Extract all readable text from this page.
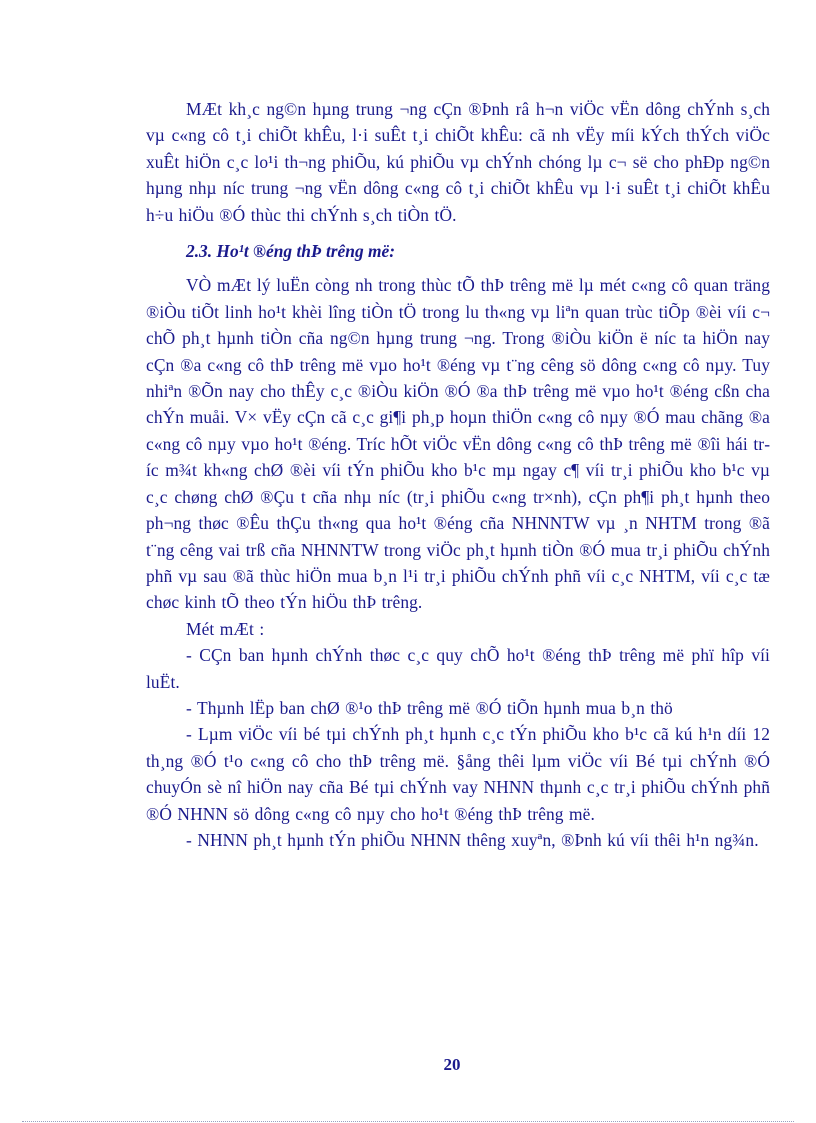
MÆt kh¸c ng©n hµng trung ¬ng cÇn ®Þnh râ h¬n viÖc vËn dông chÝnh s¸ch vµ c«ng cô t¸i chiÕt khÊu, l·i suÊt t¸i chiÕt khÊu: cã nh vËy míi kÝch thÝch viÖc xuÊt hiÖn c¸c lo¹i th¬ng phiÕu, kú phiÕu vµ chÝnh chóng lµ c¬ së cho phÐp ng©n hµng nhµ níc trung ¬ng vËn dông c«ng cô t¸i chiÕt khÊu vµ l·i suÊt t¸i chiÕt khÊu h÷u hiÖu ®Ó thùc thi chÝnh s¸ch tiÒn tÖ.

2.3. Ho¹t ®éng thÞ trêng më:

VÒ mÆt lý luËn còng nh trong thùc tÕ thÞ trêng më lµ mét c«ng cô quan träng ®iÒu tiÕt linh ho¹t khèi lîng tiÒn tÖ trong lu th«ng vµ liªn quan trùc tiÕp ®èi víi c¬ chÕ ph¸t hµnh tiÒn cña ng©n hµng trung ¬ng. Trong ®iÒu kiÖn ë níc ta hiÖn nay cÇn ®a c«ng cô thÞ trêng më vµo ho¹t ®éng vµ t¨ng cêng sö dông c«ng cô nµy. Tuy nhiªn ®Õn nay cho thÊy c¸c ®iÒu kiÖn ®Ó ®a thÞ trêng më vµo ho¹t ®éng cßn cha chÝn muåi. V× vËy cÇn cã c¸c gi¶i ph¸p hoµn thiÖn c«ng cô nµy ®Ó mau chãng ®a c«ng cô nµy vµo ho¹t ®éng. Tríc hÕt viÖc vËn dông c«ng cô thÞ trêng më ®îi hái tríc m¾t kh«ng chØ ®èi víi tÝn phiÕu kho b¹c mµ ngay c¶ víi tr¸i phiÕu kho b¹c vµ c¸c chøng chØ ®Çu t cña nhµ níc (tr¸i phiÕu c«ng tr×nh), cÇn ph¶i ph¸t hµnh theo ph¬ng thøc ®Êu thÇu th«ng qua ho¹t ®éng cña NHNNTW vµ ¸n NHTM trong ®ã t¨ng cêng vai trß cña NHNNTW trong viÖc ph¸t hµnh tiÒn ®Ó mua tr¸i phiÕu chÝnh phñ vµ sau ®ã thùc hiÖn mua b¸n l¹i tr¸i phiÕu chÝnh phñ víi c¸c NHTM, víi c¸c tæ chøc kinh tÕ theo tÝn hiÖu thÞ trêng.

Mét mÆt :

- CÇn ban hµnh chÝnh thøc c¸c quy chÕ ho¹t ®éng thÞ trêng më phï hîp víi luËt.

- Thµnh lËp ban chØ ®¹o thÞ trêng më ®Ó tiÕn hµnh mua b¸n thö

- Lµm viÖc víi bé tµi chÝnh ph¸t hµnh c¸c tÝn phiÕu kho b¹c cã kú h¹n díi 12 th¸ng ®Ó t¹o c«ng cô cho thÞ trêng më. §ång thêi lµm viÖc víi Bé tµi chÝnh ®Ó chuyÓn sè nî hiÖn nay cña Bé tµi chÝnh vay NHNN thµnh c¸c tr¸i phiÕu chÝnh phñ ®Ó NHNN sö dông c«ng cô nµy cho ho¹t ®éng thÞ trêng më.

- NHNN ph¸t hµnh tÝn phiÕu NHNN thêng xuyªn, ®Þnh kú víi thêi h¹n ng¾n.

20
